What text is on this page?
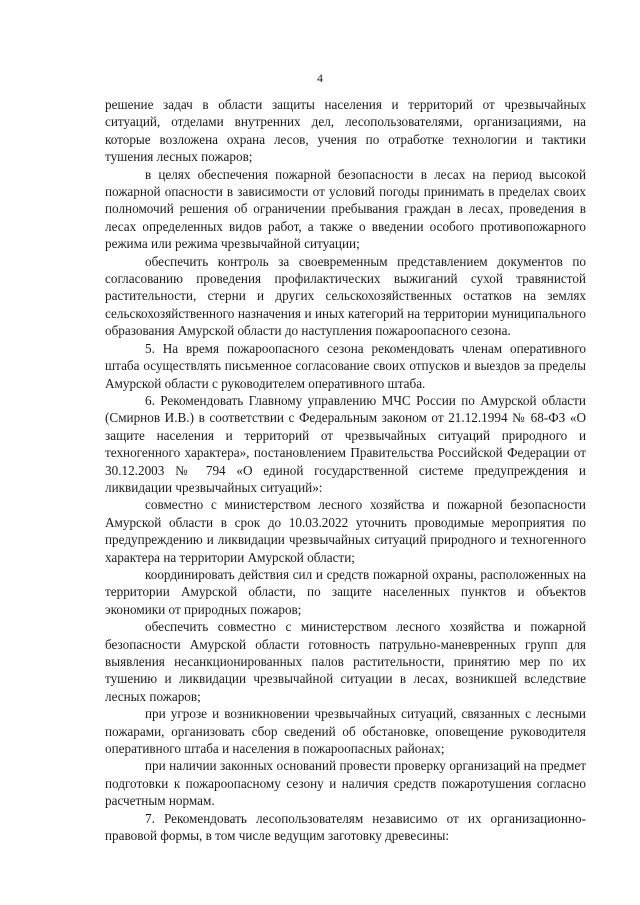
4

решение задач в области защиты населения и территорий от чрезвычайных ситуаций, отделами внутренних дел, лесопользователями, организациями, на которые возложена охрана лесов, учения по отработке технологии и тактики тушения лесных пожаров;

в целях обеспечения пожарной безопасности в лесах на период высокой пожарной опасности в зависимости от условий погоды принимать в пределах своих полномочий решения об ограничении пребывания граждан в лесах, проведения в лесах определенных видов работ, а также о введении особого противопожарного режима или режима чрезвычайной ситуации;

обеспечить контроль за своевременным представлением документов по согласованию проведения профилактических выжиганий сухой травянистой растительности, стерни и других сельскохозяйственных остатков на землях сельскохозяйственного назначения и иных категорий на территории муниципального образования Амурской области до наступления пожароопасного сезона.

5. На время пожароопасного сезона рекомендовать членам оперативного штаба осуществлять письменное согласование своих отпусков и выездов за пределы Амурской области с руководителем оперативного штаба.

6. Рекомендовать Главному управлению МЧС России по Амурской области (Смирнов И.В.) в соответствии с Федеральным законом от 21.12.1994 № 68-ФЗ «О защите населения и территорий от чрезвычайных ситуаций природного и техногенного характера», постановлением Правительства Российской Федерации от 30.12.2003 № 794 «О единой государственной системе предупреждения и ликвидации чрезвычайных ситуаций»:

совместно с министерством лесного хозяйства и пожарной безопасности Амурской области в срок до 10.03.2022 уточнить проводимые мероприятия по предупреждению и ликвидации чрезвычайных ситуаций природного и техногенного характера на территории Амурской области;

координировать действия сил и средств пожарной охраны, расположенных на территории Амурской области, по защите населенных пунктов и объектов экономики от природных пожаров;

обеспечить совместно с министерством лесного хозяйства и пожарной безопасности Амурской области готовность патрульно-маневренных групп для выявления несанкционированных палов растительности, принятию мер по их тушению и ликвидации чрезвычайной ситуации в лесах, возникшей вследствие лесных пожаров;

при угрозе и возникновении чрезвычайных ситуаций, связанных с лесными пожарами, организовать сбор сведений об обстановке, оповещение руководителя оперативного штаба и населения в пожароопасных районах;

при наличии законных оснований провести проверку организаций на предмет подготовки к пожароопасному сезону и наличия средств пожаротушения согласно расчетным нормам.

7. Рекомендовать лесопользователям независимо от их организационно-правовой формы, в том числе ведущим заготовку древесины:
